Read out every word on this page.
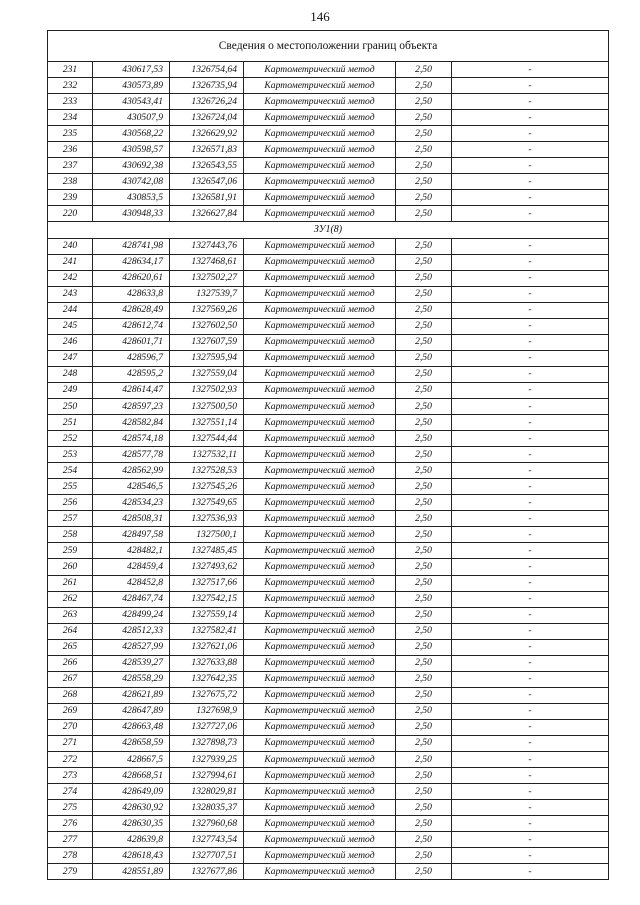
146
Сведения о местоположении границ объекта					
231	430617,53	1326754,64	Картометрический метод	2,50	-
232	430573,89	1326735,94	Картометрический метод	2,50	-
233	430543,41	1326726,24	Картометрический метод	2,50	-
234	430507,9	1326724,04	Картометрический метод	2,50	-
235	430568,22	1326629,92	Картометрический метод	2,50	-
236	430598,57	1326571,83	Картометрический метод	2,50	-
237	430692,38	1326543,55	Картометрический метод	2,50	-
238	430742,08	1326547,06	Картометрический метод	2,50	-
239	430853,5	1326581,91	Картометрический метод	2,50	-
220	430948,33	1326627,84	Картометрический метод	2,50	-
ЗУ1(8)					
240	428741,98	1327443,76	Картометрический метод	2,50	-
241	428634,17	1327468,61	Картометрический метод	2,50	-
242	428620,61	1327502,27	Картометрический метод	2,50	-
243	428633,8	1327539,7	Картометрический метод	2,50	-
244	428628,49	1327569,26	Картометрический метод	2,50	-
245	428612,74	1327602,50	Картометрический метод	2,50	-
246	428601,71	1327607,59	Картометрический метод	2,50	-
247	428596,7	1327595,94	Картометрический метод	2,50	-
248	428595,2	1327559,04	Картометрический метод	2,50	-
249	428614,47	1327502,93	Картометрический метод	2,50	-
250	428597,23	1327500,50	Картометрический метод	2,50	-
251	428582,84	1327551,14	Картометрический метод	2,50	-
252	428574,18	1327544,44	Картометрический метод	2,50	-
253	428577,78	1327532,11	Картометрический метод	2,50	-
254	428562,99	1327528,53	Картометрический метод	2,50	-
255	428546,5	1327545,26	Картометрический метод	2,50	-
256	428534,23	1327549,65	Картометрический метод	2,50	-
257	428508,31	1327536,93	Картометрический метод	2,50	-
258	428497,58	1327500,1	Картометрический метод	2,50	-
259	428482,1	1327485,45	Картометрический метод	2,50	-
260	428459,4	1327493,62	Картометрический метод	2,50	-
261	428452,8	1327517,66	Картометрический метод	2,50	-
262	428467,74	1327542,15	Картометрический метод	2,50	-
263	428499,24	1327559,14	Картометрический метод	2,50	-
264	428512,33	1327582,41	Картометрический метод	2,50	-
265	428527,99	1327621,06	Картометрический метод	2,50	-
266	428539,27	1327633,88	Картометрический метод	2,50	-
267	428558,29	1327642,35	Картометрический метод	2,50	-
268	428621,89	1327675,72	Картометрический метод	2,50	-
269	428647,89	1327698,9	Картометрический метод	2,50	-
270	428663,48	1327727,06	Картометрический метод	2,50	-
271	428658,59	1327898,73	Картометрический метод	2,50	-
272	428667,5	1327939,25	Картометрический метод	2,50	-
273	428668,51	1327994,61	Картометрический метод	2,50	-
274	428649,09	1328029,81	Картометрический метод	2,50	-
275	428630,92	1328035,37	Картометрический метод	2,50	-
276	428630,35	1327960,68	Картометрический метод	2,50	-
277	428639,8	1327743,54	Картометрический метод	2,50	-
278	428618,43	1327707,51	Картометрический метод	2,50	-
279	428551,89	1327677,86	Картометрический метод	2,50	-
